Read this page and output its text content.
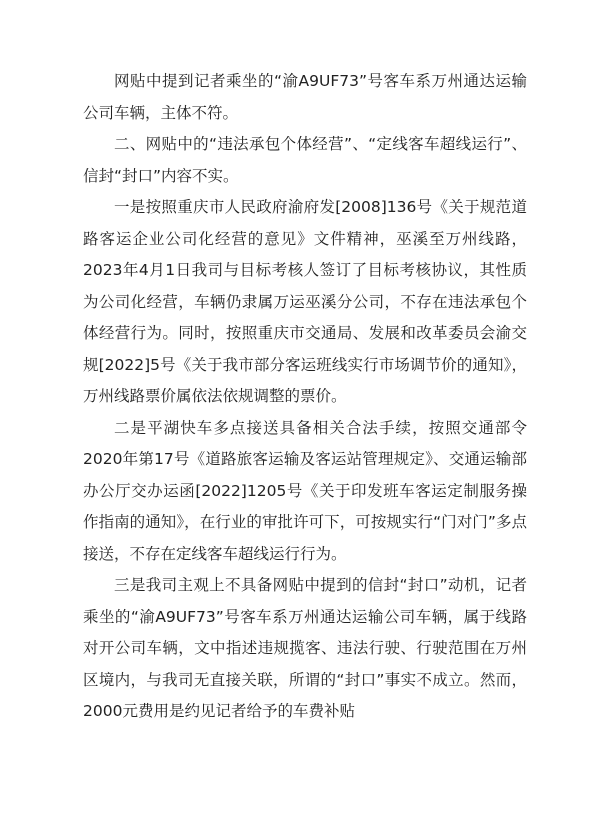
网贴中提到记者乘坐的“渝A9UF73”号客车系万州通达运输公司车辆，主体不符。

二、网贴中的“违法承包个体经营”、“定线客车超线运行”、信封“封口”内容不实。

一是按照重庆市人民政府渝府发[2008]136号《关于规范道路客运企业公司化经营的意见》文件精神，巫溪至万州线路，2023年4月1日我司与目标考核人签订了目标考核协议，其性质为公司化经营，车辆仍隶属万运巫溪分公司，不存在违法承包个体经营行为。同时，按照重庆市交通局、发展和改革委员会渝交规[2022]5号《关于我市部分客运班线实行市场调节价的通知》，万州线路票价属依法依规调整的票价。

二是平湖快车多点接送具备相关合法手续，按照交通部令2020年第17号《道路旅客运输及客运站管理规定》、交通运输部办公厅交办运函[2022]1205号《关于印发班车客运定制服务操作指南的通知》，在行业的审批许可下，可按规实行“门对门”多点接送，不存在定线客车超线运行行为。

三是我司主观上不具备网贴中提到的信封“封口”动机，记者乘坐的“渝A9UF73”号客车系万州通达运输公司车辆，属于线路对开公司车辆，文中指述违规揽客、违法行驶、行驶范围在万州区境内，与我司无直接关联，所谓的“封口”事实不成立。然而，2000元费用是约见记者给予的车费补贴
